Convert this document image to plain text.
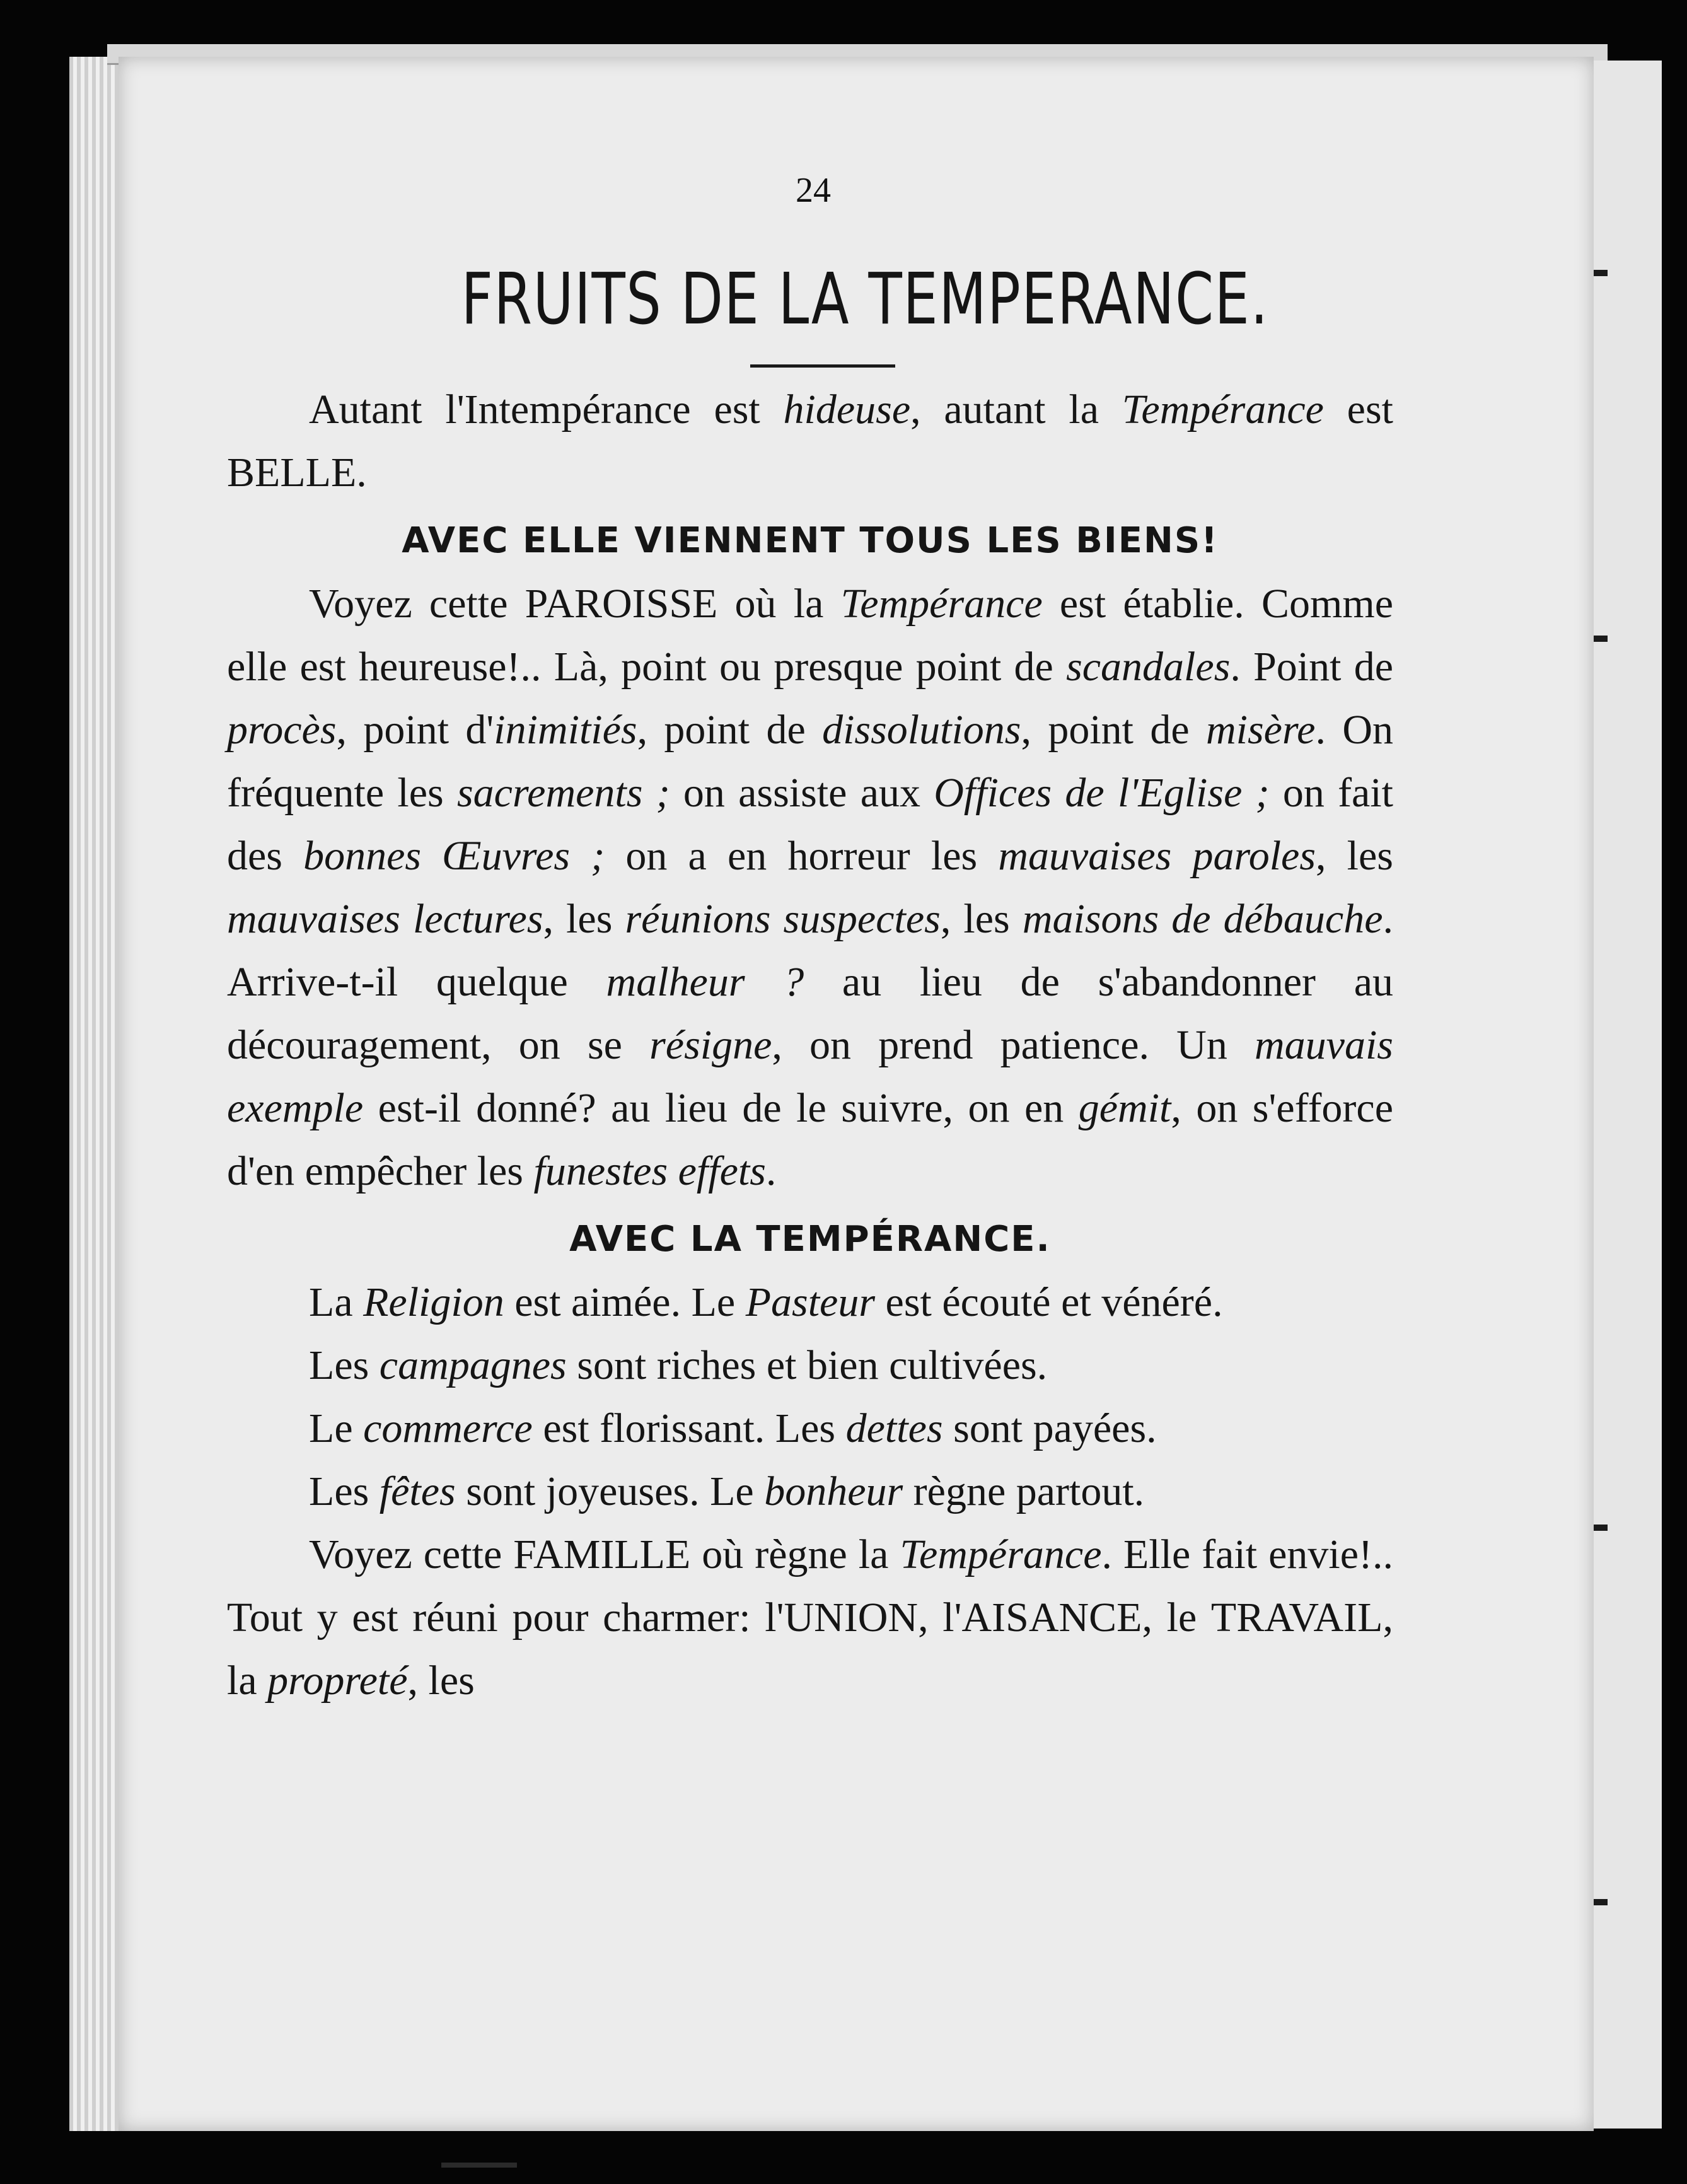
24
FRUITS DE LA TEMPERANCE.

Autant l'Intempérance est hideuse, autant la Tempérance est BELLE.

AVEC ELLE VIENNENT TOUS LES BIENS!

Voyez cette PAROISSE où la Tempérance est établie. Comme elle est heureuse!.. Là, point ou presque point de scandales. Point de procès, point d'inimitiés, point de dissolutions, point de misère. On fréquente les sacrements ; on assiste aux Offices de l'Eglise ; on fait des bonnes Œuvres ; on a en horreur les mauvaises paroles, les mauvaises lectures, les réunions suspectes, les maisons de débauche. Arrive-t-il quelque malheur ? au lieu de s'abandonner au découragement, on se résigne, on prend patience. Un mauvais exemple est-il donné? au lieu de le suivre, on en gémit, on s'efforce d'en empêcher les funestes effets.

AVEC LA TEMPÉRANCE.

La Religion est aimée. Le Pasteur est écouté et vénéré.

Les campagnes sont riches et bien cultivées.

Le commerce est florissant. Les dettes sont payées.

Les fêtes sont joyeuses. Le bonheur règne partout.

Voyez cette FAMILLE où règne la Tempérance. Elle fait envie!.. Tout y est réuni pour charmer: l'UNION, l'AISANCE, le TRAVAIL, la propreté, les
